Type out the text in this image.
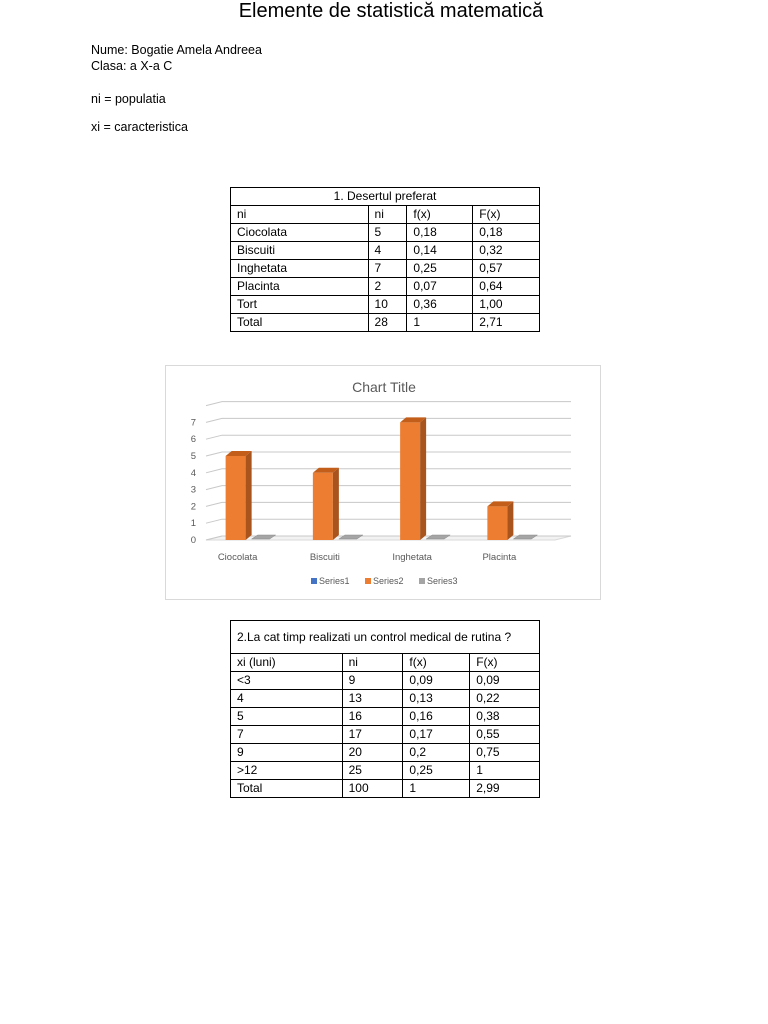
Elemente de statistică matematică
Nume: Bogatie Amela Andreea
Clasa: a X-a C
ni = populatia
xi = caracteristica
1. Desertul preferat			
ni	ni	f(x)	F(x)
Ciocolata	5	0,18	0,18
Biscuiti	4	0,14	0,32
Inghetata	7	0,25	0,57
Placinta	2	0,07	0,64
Tort	10	0,36	1,00
Total	28	1	2,71
Chart Title
0
1
2
3
4
5
6
7
Ciocolata	Biscuiti	Inghetata	Placinta
Series1	Series2	Series3
2.La cat timp realizati un control medical de rutina ?			
xi (luni)	ni	f(x)	F(x)
<3	9	0,09	0,09
4	13	0,13	0,22
5	16	0,16	0,38
7	17	0,17	0,55
9	20	0,2	0,75
>12	25	0,25	1
Total	100	1	2,99
